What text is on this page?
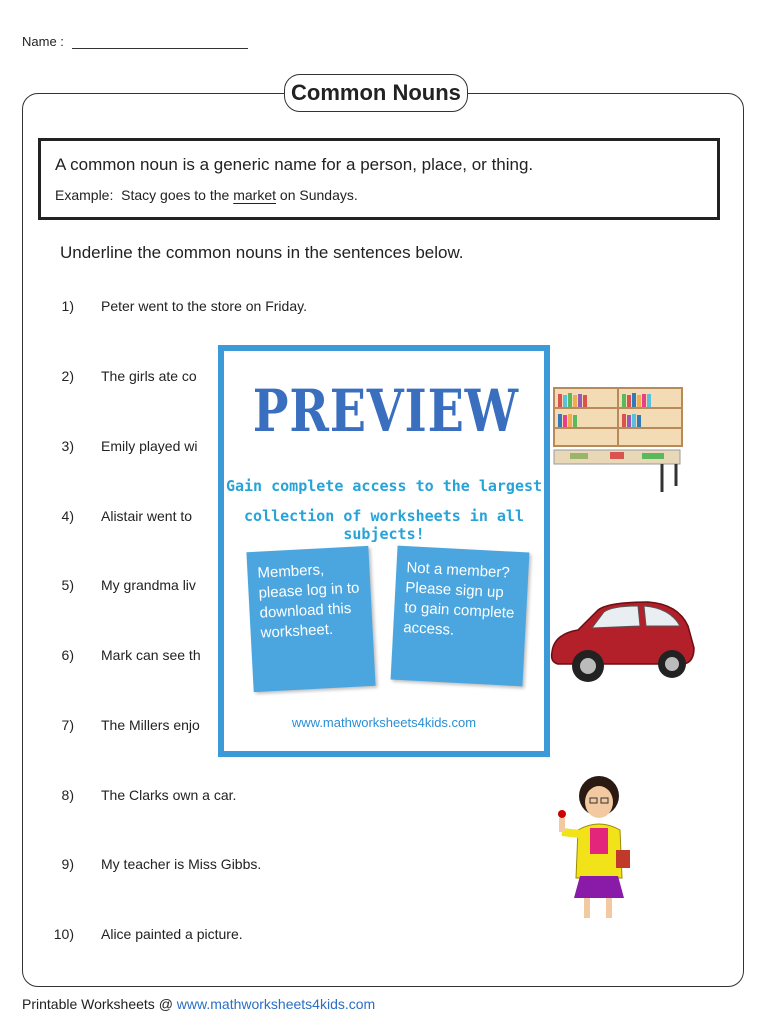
Name :
Common Nouns
A common noun is a generic name for a person, place, or thing.
Example: Stacy goes to the market on Sundays.
Underline the common nouns in the sentences below.
1) Peter went to the store on Friday.
2) The girls ate co
3) Emily played wi
4) Alistair went to
5) My grandma liv
6) Mark can see th
7) The Millers enjo
8) The Clarks own a car.
9) My teacher is Miss Gibbs.
10) Alice painted a picture.
PREVIEW
Gain complete access to the largest
collection of worksheets in all subjects!
Members, please log in to download this worksheet.
Not a member? Please sign up to gain complete access.
www.mathworksheets4kids.com
Printable Worksheets @ www.mathworksheets4kids.com
